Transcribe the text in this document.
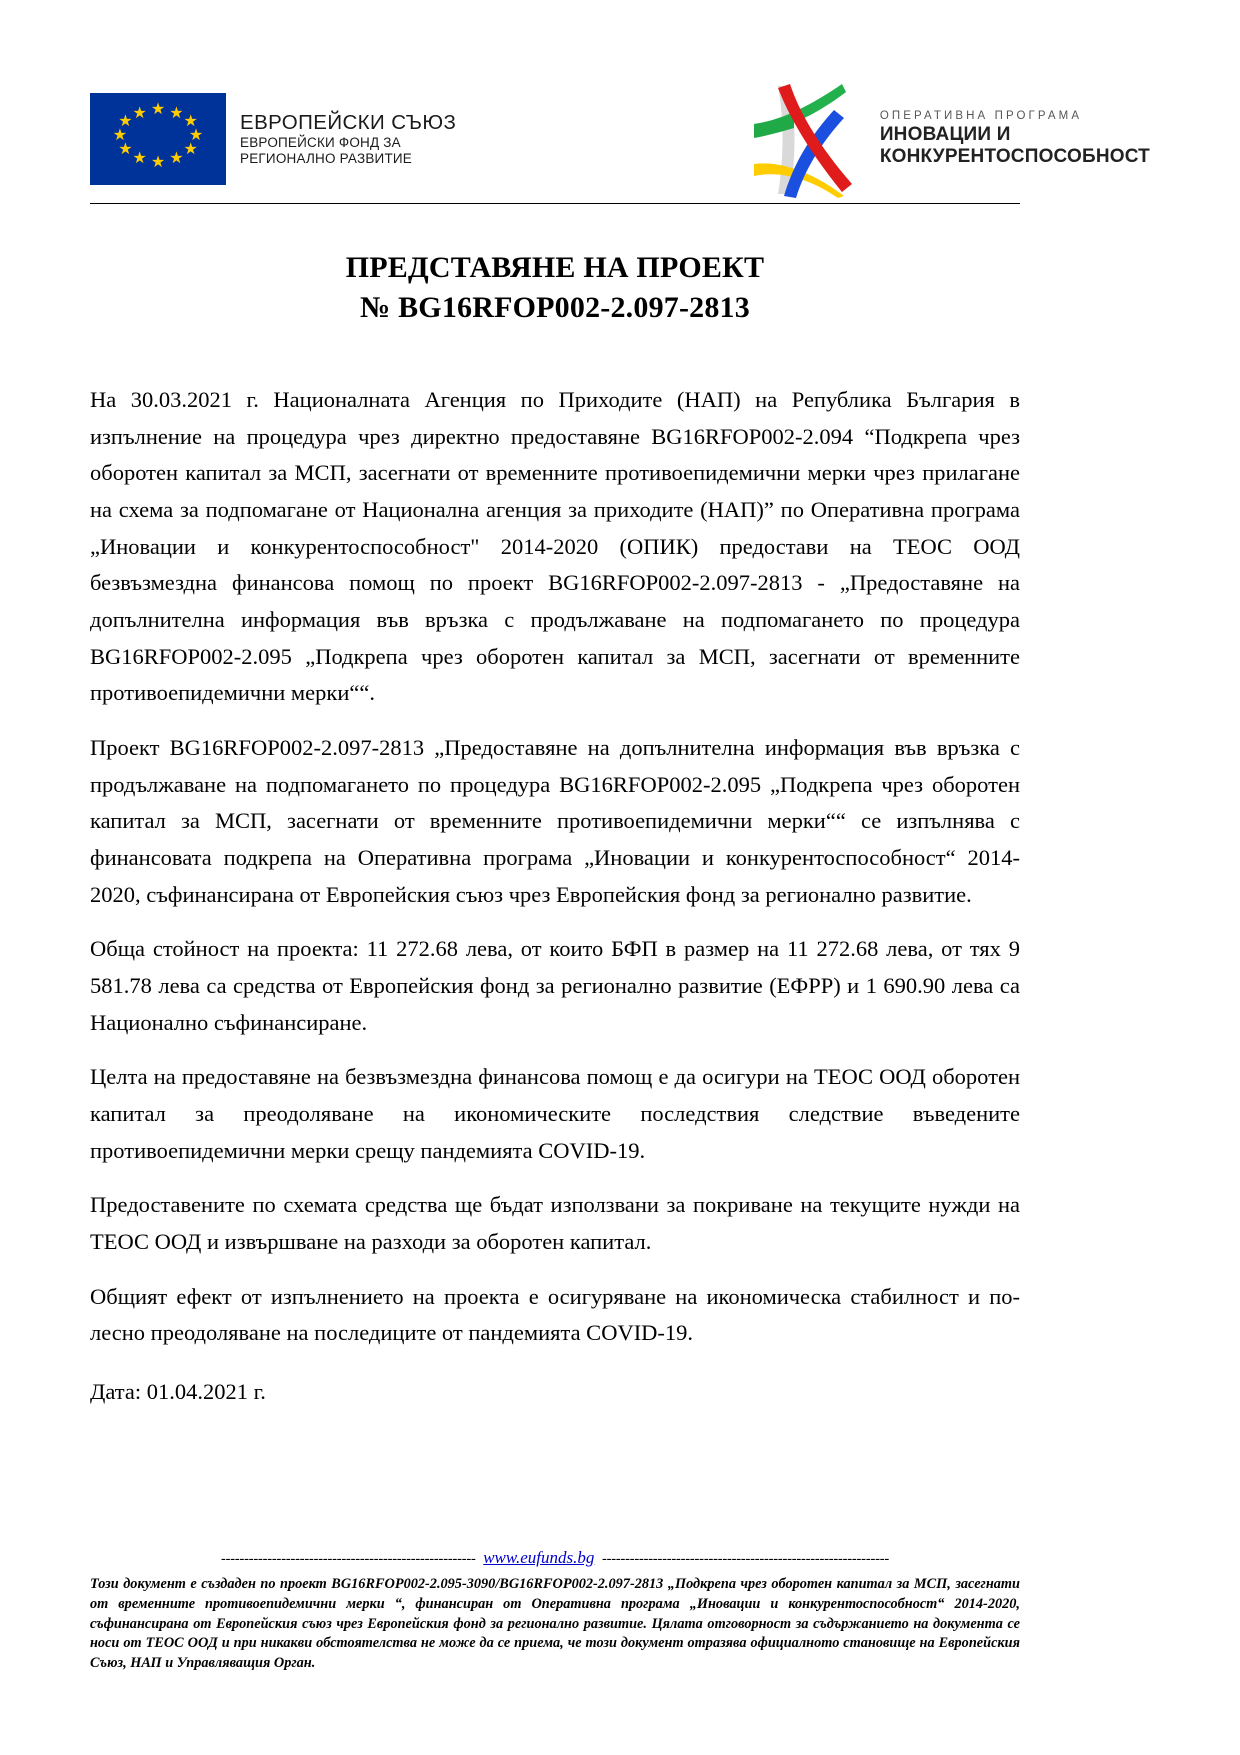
★ ★
★
★
★
★
★
★
★
★
★
★	ЕВРОПЕЙСКИ СЪЮЗ
ЕВРОПЕЙСКИ ФОНД ЗА
РЕГИОНАЛНО РАЗВИТИЕ
ОПЕРАТИВНА ПРОГРАМА
ИНОВАЦИИ И
КОНКУРЕНТОСПОСОБНОСТ
ПРЕДСТАВЯНЕ НА ПРОЕКТ
№ BG16RFOP002-2.097-2813

На 30.03.2021 г. Националната Агенция по Приходите (НАП) на Република България в изпълнение на процедура чрез директно предоставяне BG16RFOP002-2.094 “Подкрепа чрез оборотен капитал за МСП, засегнати от временните противоепидемични мерки чрез прилагане на схема за подпомагане от Национална агенция за приходите (НАП)” по Оперативна програма „Иновации и конкурентоспособност" 2014-2020 (ОПИК) предостави на ТЕОС ООД безвъзмездна финансова помощ по проект BG16RFOP002-2.097-2813 - „Предоставяне на допълнителна информация във връзка с продължаване на подпомагането по процедура BG16RFOP002-2.095 „Подкрепа чрез оборотен капитал за МСП, засегнати от временните противоепидемични мерки““.

Проект BG16RFOP002-2.097-2813 „Предоставяне на допълнителна информация във връзка с продължаване на подпомагането по процедура BG16RFOP002-2.095 „Подкрепа чрез оборотен капитал за МСП, засегнати от временните противоепидемични мерки““ се изпълнява с финансовата подкрепа на Оперативна програма „Иновации и конкурентоспособност“ 2014-2020, съфинансирана от Европейския съюз чрез Европейския фонд за регионално развитие.

Обща стойност на проекта: 11 272.68 лева, от които БФП в размер на 11 272.68 лева, от тях 9 581.78 лева са средства от Европейския фонд за регионално развитие (ЕФРР) и 1 690.90 лева са Национално съфинансиране.

Целта на предоставяне на безвъзмездна финансова помощ е да осигури на ТЕОС ООД оборотен капитал за преодоляване на икономическите последствия следствие въведените противоепидемични мерки срещу пандемията COVID-19.

Предоставените по схемата средства ще бъдат използвани за покриване на текущите нужди на ТЕОС ООД и извършване на разходи за оборотен капитал.

Общият ефект от изпълнението на проекта е осигуряване на икономическа стабилност и по-лесно преодоляване на последиците от пандемията COVID-19.

Дата: 01.04.2021 г.

------------------------------------------------------- www.eufunds.bg --------------------------------------------------------------
Този документ е създаден по проект BG16RFOP002-2.095-3090/BG16RFOP002-2.097-2813 „Подкрепа чрез оборотен капитал за МСП, засегнати от временните противоепидемични мерки “, финансиран от Оперативна програма „Иновации и конкурентоспособност“ 2014-2020, съфинансирана от Европейския съюз чрез Европейския фонд за регионално развитие. Цялата отговорност за съдържанието на документа се носи от ТЕОС ООД и при никакви обстоятелства не може да се приема, че този документ отразява официалното становище на Европейския Съюз, НАП и Управляващия Орган.
